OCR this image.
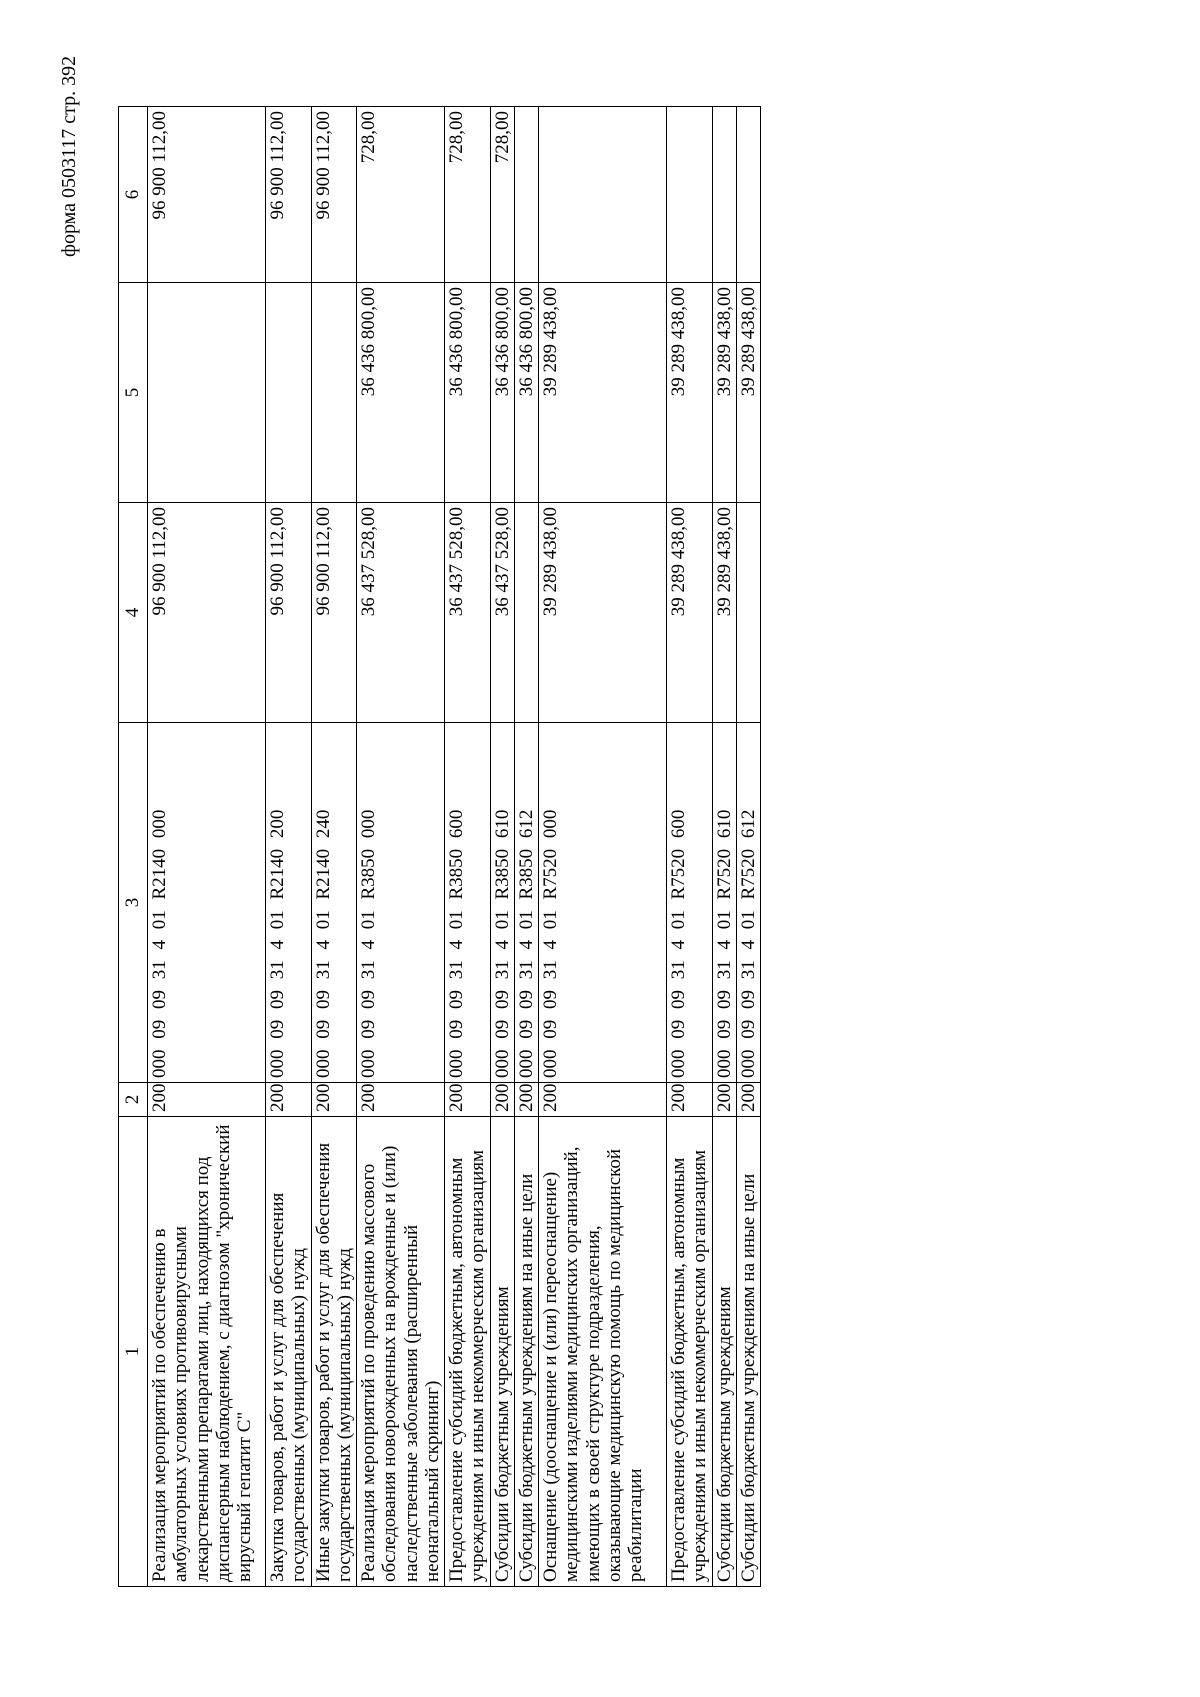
форма 0503117 стр. 392
1	2	3	4	5	6
Реализация мероприятий по обеспечению в амбулаторных условиях противовирусными лекарственными препаратами лиц, находящихся под диспансерным наблюдением, с диагнозом "хронический вирусный гепатит С"	200	000 09 09 31 4 01 R2140 000	96 900 112,00		96 900 112,00
Закупка товаров, работ и услуг для обеспечения государственных (муниципальных) нужд	200	000 09 09 31 4 01 R2140 200	96 900 112,00		96 900 112,00
Иные закупки товаров, работ и услуг для обеспечения государственных (муниципальных) нужд	200	000 09 09 31 4 01 R2140 240	96 900 112,00		96 900 112,00
Реализация мероприятий по проведению массового обследования новорожденных на врожденные и (или) наследственные заболевания (расширенный неонатальный скрининг)	200	000 09 09 31 4 01 R3850 000	36 437 528,00	36 436 800,00	728,00
Предоставление субсидий бюджетным, автономным учреждениям и иным некоммерческим организациям	200	000 09 09 31 4 01 R3850 600	36 437 528,00	36 436 800,00	728,00
Субсидии бюджетным учреждениям	200	000 09 09 31 4 01 R3850 610	36 437 528,00	36 436 800,00	728,00
Субсидии бюджетным учреждениям на иные цели	200	000 09 09 31 4 01 R3850 612		36 436 800,00	
Оснащение (дооснащение и (или) переоснащение) медицинскими изделиями медицинских организаций, имеющих в своей структуре подразделения, оказывающие медицинскую помощь по медицинской реабилитации	200	000 09 09 31 4 01 R7520 000	39 289 438,00	39 289 438,00	
Предоставление субсидий бюджетным, автономным учреждениям и иным некоммерческим организациям	200	000 09 09 31 4 01 R7520 600	39 289 438,00	39 289 438,00	
Субсидии бюджетным учреждениям	200	000 09 09 31 4 01 R7520 610	39 289 438,00	39 289 438,00	
Субсидии бюджетным учреждениям на иные цели	200	000 09 09 31 4 01 R7520 612		39 289 438,00	
